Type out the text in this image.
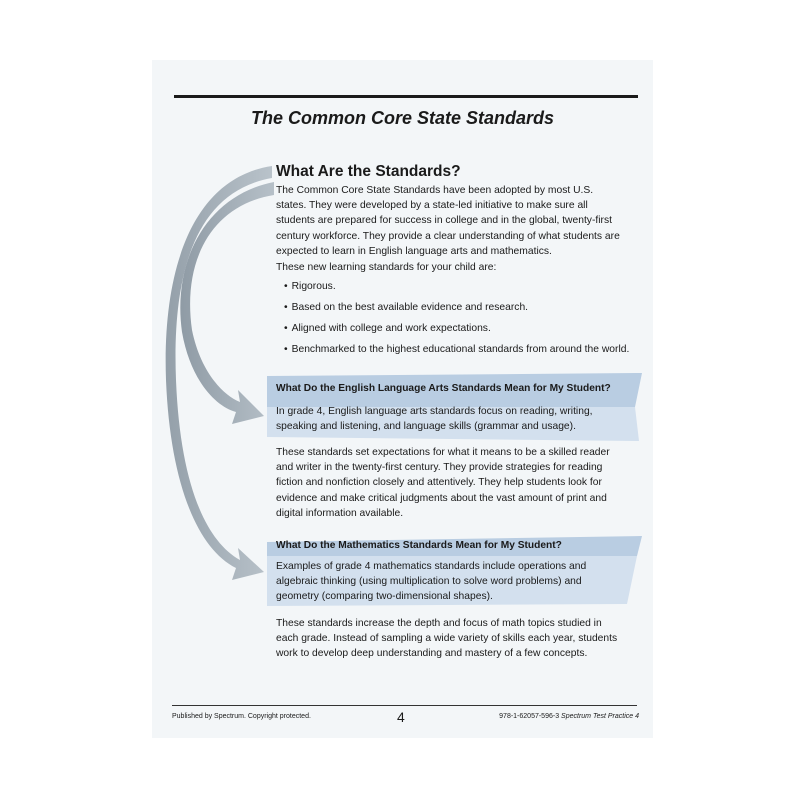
The Common Core State Standards
What Are the Standards?
The Common Core State Standards have been adopted by most U.S. states. They were developed by a state-led initiative to make sure all students are prepared for success in college and in the global, twenty-first century workforce. They provide a clear understanding of what students are expected to learn in English language arts and mathematics.
These new learning standards for your child are:
• Rigorous.
• Based on the best available evidence and research.
• Aligned with college and work expectations.
• Benchmarked to the highest educational standards from around the world.
What Do the English Language Arts Standards Mean for My Student?
In grade 4, English language arts standards focus on reading, writing, speaking and listening, and language skills (grammar and usage).
These standards set expectations for what it means to be a skilled reader and writer in the twenty-first century. They provide strategies for reading fiction and nonfiction closely and attentively. They help students look for evidence and make critical judgments about the vast amount of print and digital information available.
What Do the Mathematics Standards Mean for My Student?
Examples of grade 4 mathematics standards include operations and algebraic thinking (using multiplication to solve word problems) and geometry (comparing two-dimensional shapes).
These standards increase the depth and focus of math topics studied in each grade. Instead of sampling a wide variety of skills each year, students work to develop deep understanding and mastery of a few concepts.
Published by Spectrum. Copyright protected.	4	978-1-62057-596-3 Spectrum Test Practice 4
